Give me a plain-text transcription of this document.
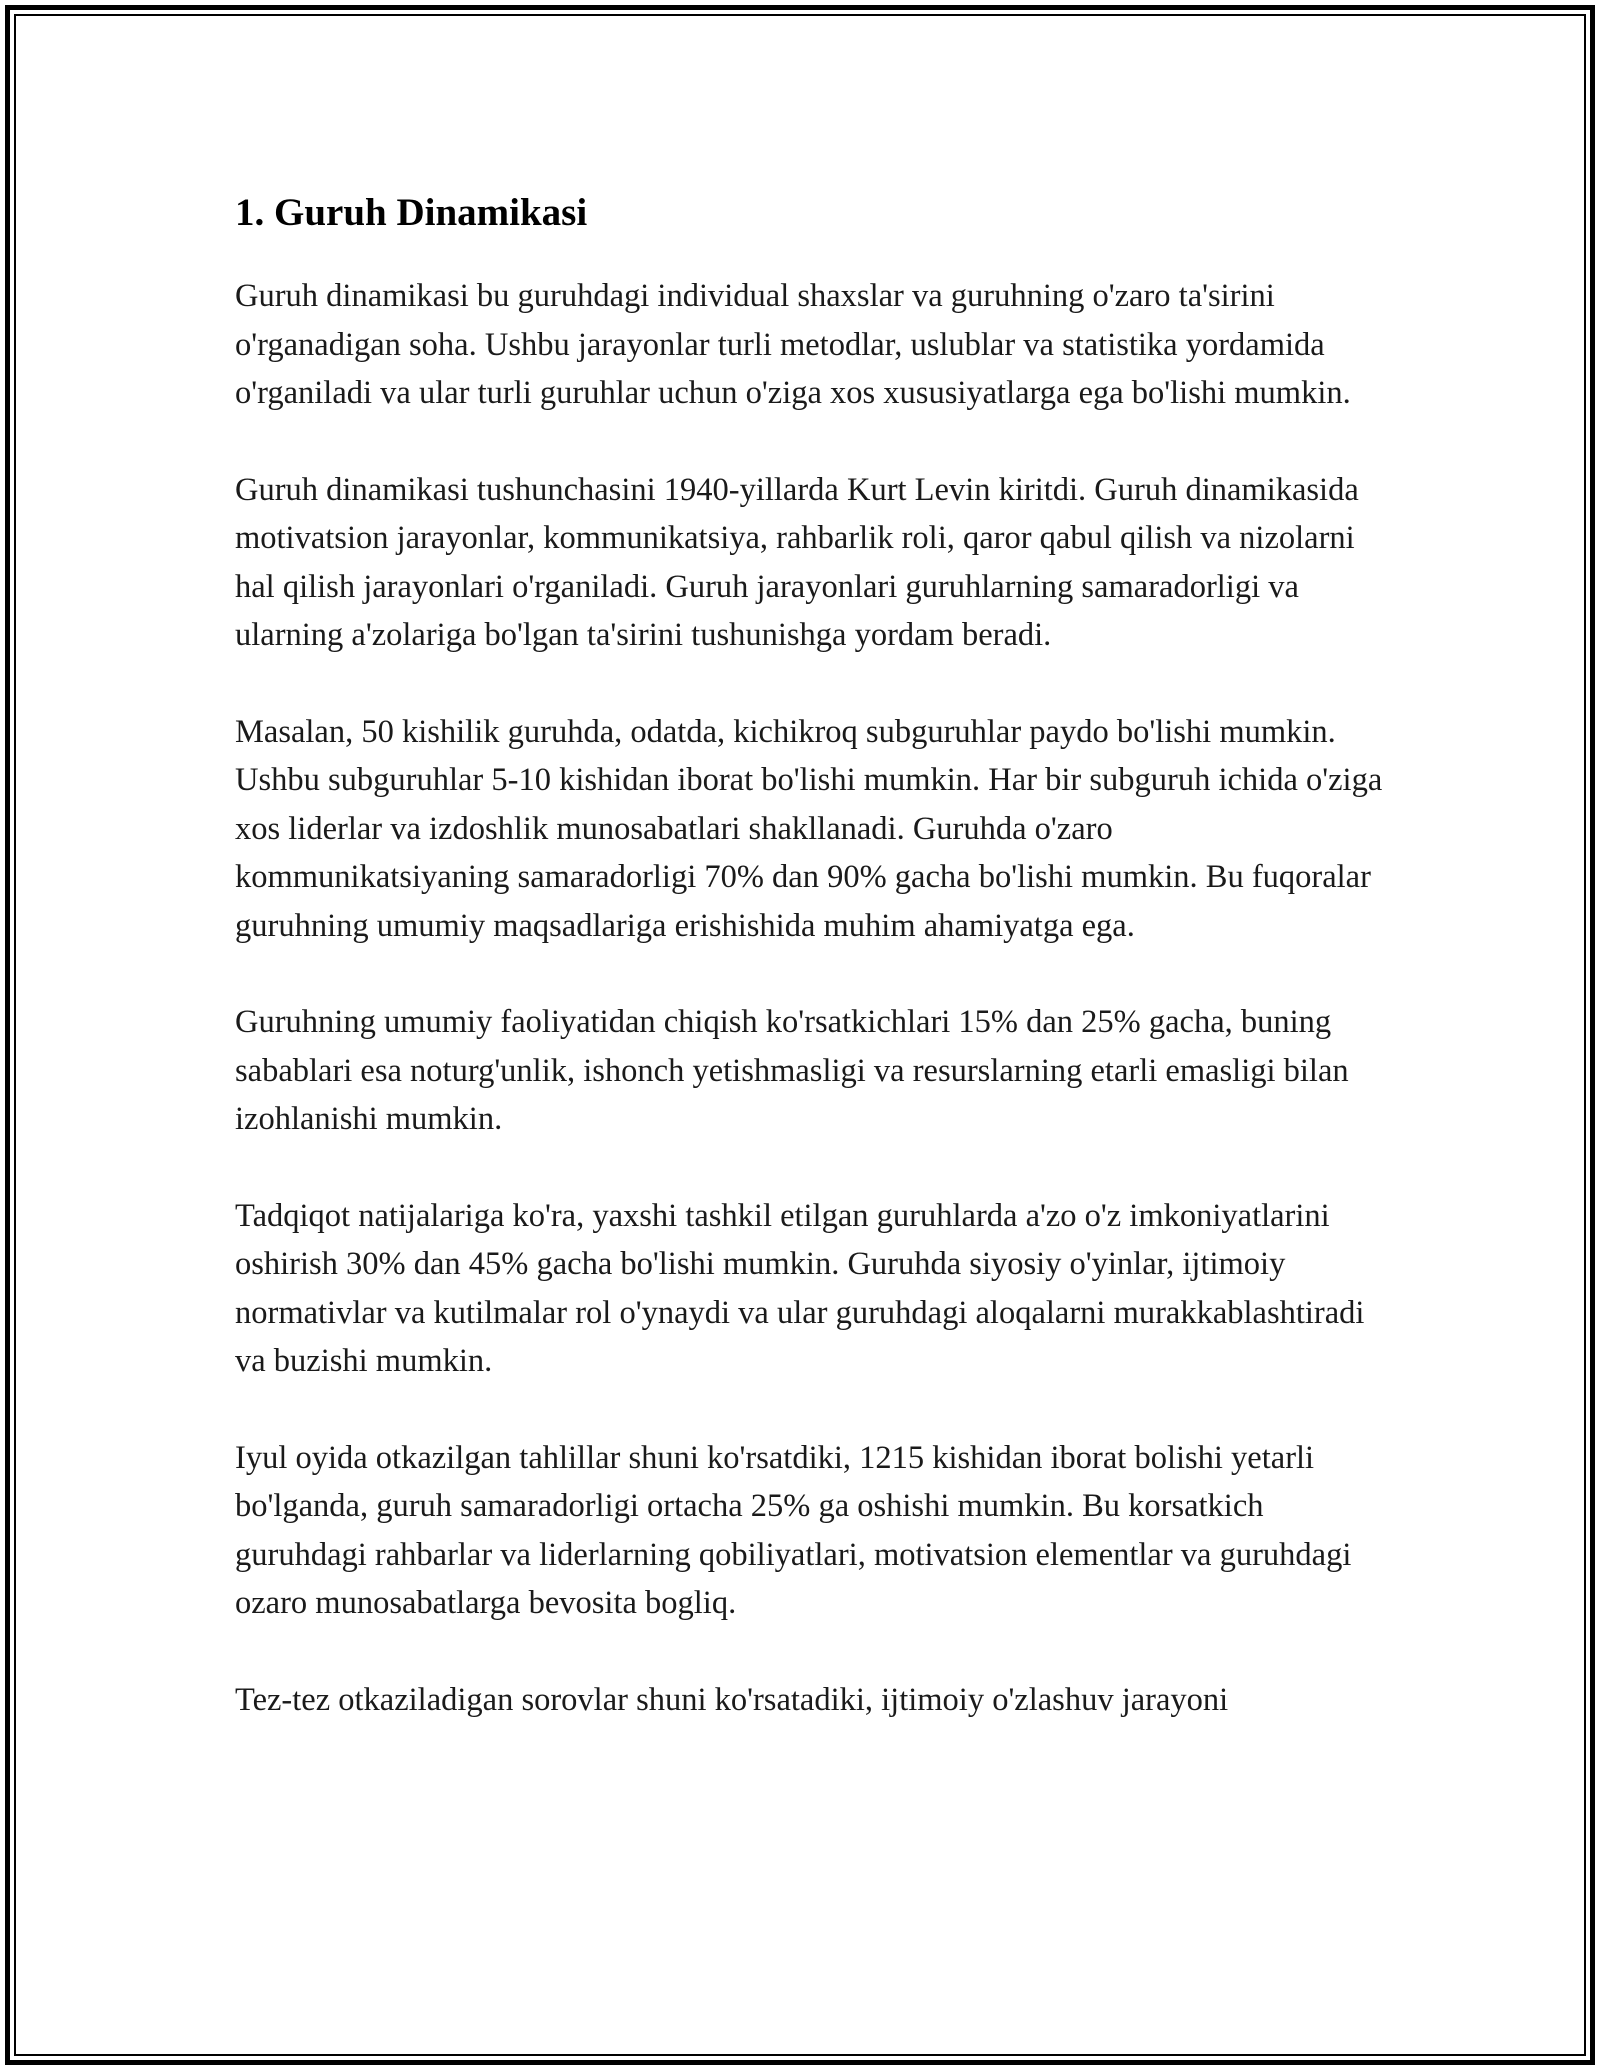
1. Guruh Dinamikasi

Guruh dinamikasi bu guruhdagi individual shaxslar va guruhning o'zaro ta'sirini o'rganadigan soha. Ushbu jarayonlar turli metodlar, uslublar va statistika yordamida o'rganiladi va ular turli guruhlar uchun o'ziga xos xususiyatlarga ega bo'lishi mumkin.

Guruh dinamikasi tushunchasini 1940-yillarda Kurt Levin kiritdi. Guruh dinamikasida motivatsion jarayonlar, kommunikatsiya, rahbarlik roli, qaror qabul qilish va nizolarni hal qilish jarayonlari o'rganiladi. Guruh jarayonlari guruhlarning samaradorligi va ularning a'zolariga bo'lgan ta'sirini tushunishga yordam beradi.

Masalan, 50 kishilik guruhda, odatda, kichikroq subguruhlar paydo bo'lishi mumkin. Ushbu subguruhlar 5-10 kishidan iborat bo'lishi mumkin. Har bir subguruh ichida o'ziga xos liderlar va izdoshlik munosabatlari shakllanadi. Guruhda o'zaro kommunikatsiyaning samaradorligi 70% dan 90% gacha bo'lishi mumkin. Bu fuqoralar guruhning umumiy maqsadlariga erishishida muhim ahamiyatga ega.

Guruhning umumiy faoliyatidan chiqish ko'rsatkichlari 15% dan 25% gacha, buning sabablari esa noturg'unlik, ishonch yetishmasligi va resurslarning etarli emasligi bilan izohlanishi mumkin.

Tadqiqot natijalariga ko'ra, yaxshi tashkil etilgan guruhlarda a'zo o'z imkoniyatlarini oshirish 30% dan 45% gacha bo'lishi mumkin. Guruhda siyosiy o'yinlar, ijtimoiy normativlar va kutilmalar rol o'ynaydi va ular guruhdagi aloqalarni murakkablashtiradi va buzishi mumkin.

Iyul oyida otkazilgan tahlillar shuni ko'rsatdiki, 1215 kishidan iborat bolishi yetarli bo'lganda, guruh samaradorligi ortacha 25% ga oshishi mumkin. Bu korsatkich guruhdagi rahbarlar va liderlarning qobiliyatlari, motivatsion elementlar va guruhdagi ozaro munosabatlarga bevosita bogliq.

Tez-tez otkaziladigan sorovlar shuni ko'rsatadiki, ijtimoiy o'zlashuv jarayoni
